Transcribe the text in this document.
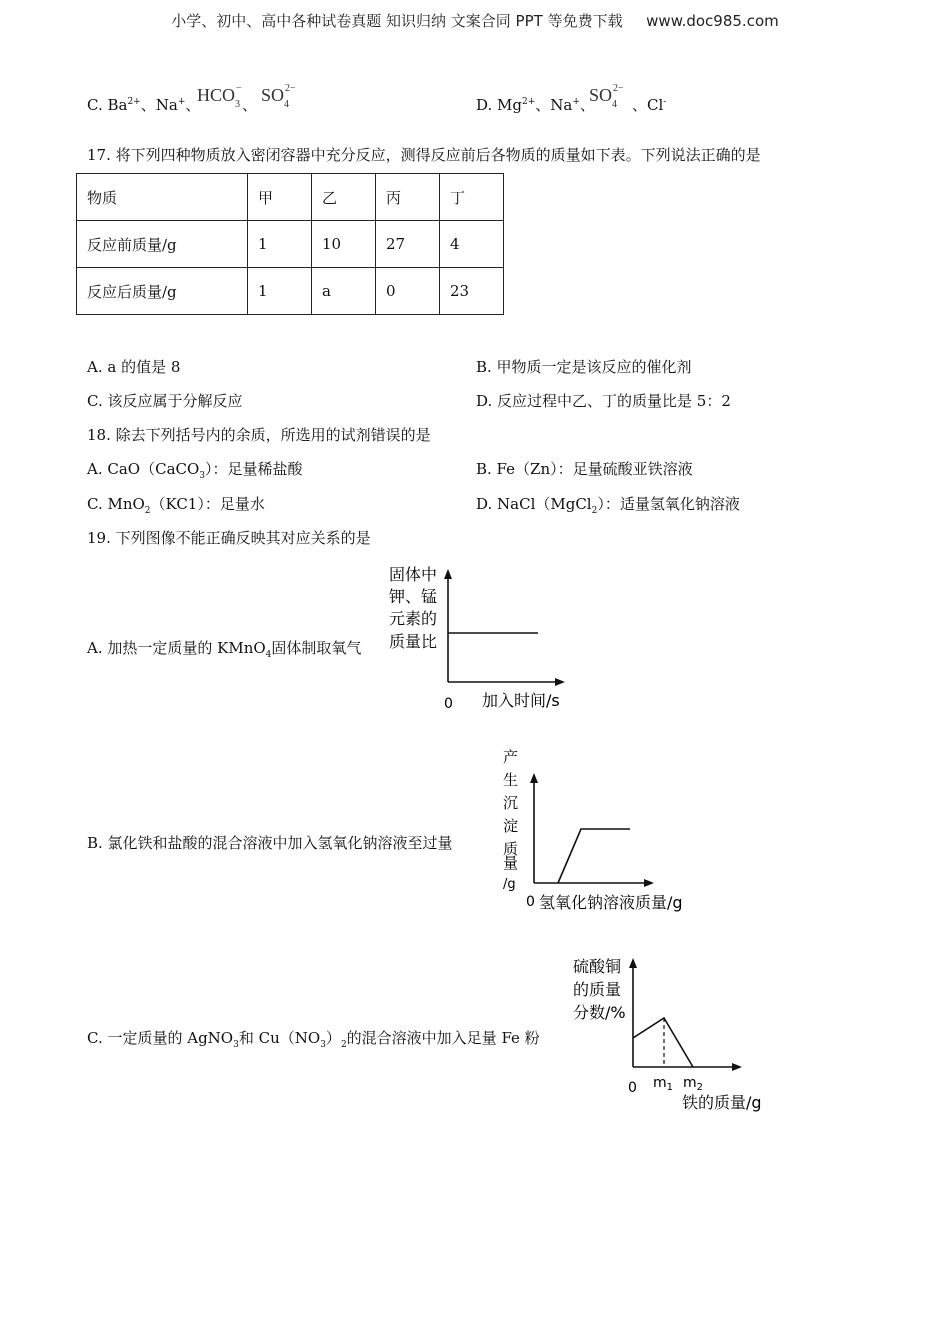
小学、初中、高中各种试卷真题 知识归纳 文案合同 PPT 等免费下载 www.doc985.com
C. $Ba^{2+}$、Na+、
HCO −
3 、 SO 2−
4	D. $Mg^{2+}$、Na+、
SO 2−
4 、Cl-
17. 将下列四种物质放入密闭容器中充分反应，测得反应前后各物质的质量如下表。下列说法正确的是
物质	甲	乙	丙	丁
反应前质量/g	1	10	27	4
反应后质量/g	1	a	0	23
A. a 的值是 8	B. 甲物质一定是该反应的催化剂
C. 该反应属于分解反应	D. 反应过程中乙、丁的质量比是 5：2
18. 除去下列括号内的余质，所选用的试剂错误的是
A. CaO（CaCO$_3$）：足量稀盐酸	B. Fe（Zn）：足量硫酸亚铁溶液
C. MnO$_2$（KC1）：足量水	D. NaCl（MgCl$_2$）：适量氢氧化钠溶液
19. 下列图像不能正确反映其对应关系的是
A. 加热一定质量的 KMnO$_4$固体制取氧气
固体中
钾、锰
元素的
质量比
0 加入时间/s
B. 氯化铁和盐酸的混合溶液中加入氢氧化钠溶液至过量
产
生
沉
淀
质
量
/g
0 氢氧化钠溶液质量/g
C. 一定质量的 AgNO$_3$和 $Cu(NO_3)_2$的混合溶液中加入足量 Fe 粉
硫酸铜
的质量
分数/%
0 $m_1$ $m_2$
铁的质量/g
